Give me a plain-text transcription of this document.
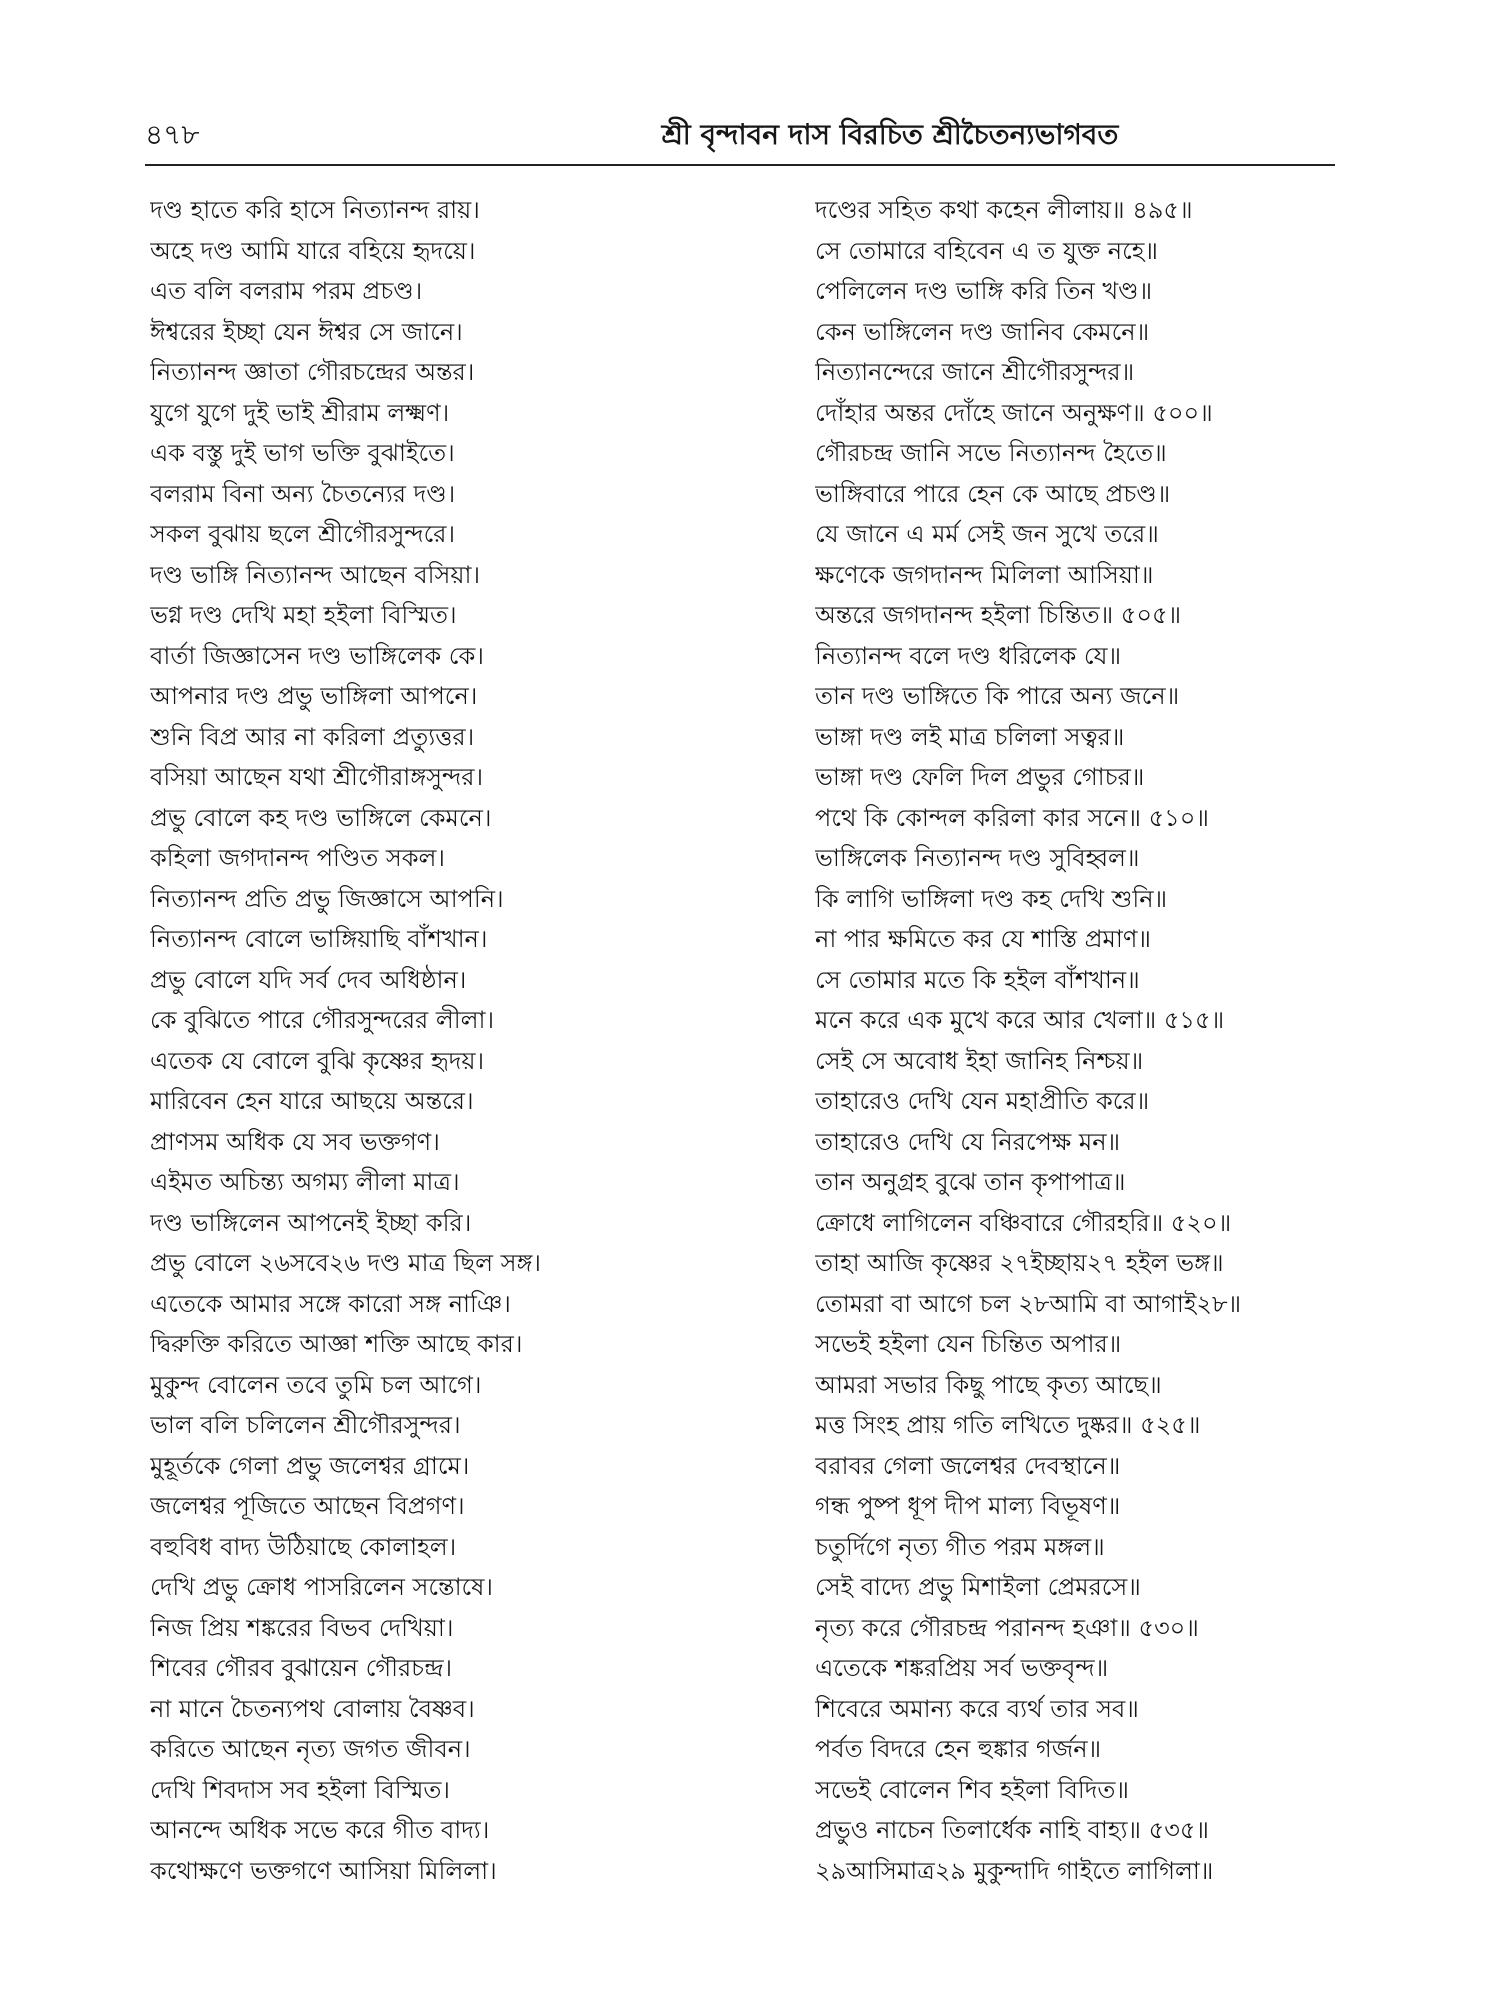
৪৭৮	শ্রী বৃন্দাবন দাস বিরচিত শ্রীচৈতন্যভাগবত
দণ্ড হাতে করি হাসে নিত্যানন্দ রায়।
অহে দণ্ড আমি যারে বহিয়ে হৃদয়ে।
এত বলি বলরাম পরম প্রচণ্ড।
ঈশ্বরের ইচ্ছা যেন ঈশ্বর সে জানে।
নিত্যানন্দ জ্ঞাতা গৌরচন্দ্রের অন্তর।
যুগে যুগে দুই ভাই শ্রীরাম লক্ষ্মণ।
এক বস্তু দুই ভাগ ভক্তি বুঝাইতে।
বলরাম বিনা অন্য চৈতন্যের দণ্ড।
সকল বুঝায় ছলে শ্রীগৌরসুন্দরে।
দণ্ড ভাঙ্গি নিত্যানন্দ আছেন বসিয়া।
ভগ্ন দণ্ড দেখি মহা হইলা বিস্মিত।
বার্তা জিজ্ঞাসেন দণ্ড ভাঙ্গিলেক কে।
আপনার দণ্ড প্রভু ভাঙ্গিলা আপনে।
শুনি বিপ্র আর না করিলা প্রত্যুত্তর।
বসিয়া আছেন যথা শ্রীগৌরাঙ্গসুন্দর।
প্রভু বোলে কহ দণ্ড ভাঙ্গিলে কেমনে।
কহিলা জগদানন্দ পণ্ডিত সকল।
নিত্যানন্দ প্রতি প্রভু জিজ্ঞাসে আপনি।
নিত্যানন্দ বোলে ভাঙ্গিয়াছি বাঁশখান।
প্রভু বোলে যদি সর্ব দেব অধিষ্ঠান।
কে বুঝিতে পারে গৌরসুন্দরের লীলা।
এতেক যে বোলে বুঝি কৃষ্ণের হৃদয়।
মারিবেন হেন যারে আছয়ে অন্তরে।
প্রাণসম অধিক যে সব ভক্তগণ।
এইমত অচিন্ত্য অগম্য লীলা মাত্র।
দণ্ড ভাঙ্গিলেন আপনেই ইচ্ছা করি।
প্রভু বোলে ২৬সবে২৬ দণ্ড মাত্র ছিল সঙ্গ।
এতেকে আমার সঙ্গে কারো সঙ্গ নাঞি।
দ্বিরুক্তি করিতে আজ্ঞা শক্তি আছে কার।
মুকুন্দ বোলেন তবে তুমি চল আগে।
ভাল বলি চলিলেন শ্রীগৌরসুন্দর।
মুহূর্তকে গেলা প্রভু জলেশ্বর গ্রামে।
জলেশ্বর পূজিতে আছেন বিপ্রগণ।
বহুবিধ বাদ্য উঠিয়াছে কোলাহল।
দেখি প্রভু ক্রোধ পাসরিলেন সন্তোষে।
নিজ প্রিয় শঙ্করের বিভব দেখিয়া।
শিবের গৌরব বুঝায়েন গৌরচন্দ্র।
না মানে চৈতন্যপথ বোলায় বৈষ্ণব।
করিতে আছেন নৃত্য জগত জীবন।
দেখি শিবদাস সব হইলা বিস্মিত।
আনন্দে অধিক সভে করে গীত বাদ্য।
কথোক্ষণে ভক্তগণে আসিয়া মিলিলা।
দণ্ডের সহিত কথা কহেন লীলায়॥ ৪৯৫॥
সে তোমারে বহিবেন এ ত যুক্ত নহে॥
পেলিলেন দণ্ড ভাঙ্গি করি তিন খণ্ড॥
কেন ভাঙ্গিলেন দণ্ড জানিব কেমনে॥
নিত্যানন্দেরে জানে শ্রীগৌরসুন্দর॥
দোঁহার অন্তর দোঁহে জানে অনুক্ষণ॥ ৫০০॥
গৌরচন্দ্র জানি সভে নিত্যানন্দ হৈতে॥
ভাঙ্গিবারে পারে হেন কে আছে প্রচণ্ড॥
যে জানে এ মর্ম সেই জন সুখে তরে॥
ক্ষণেকে জগদানন্দ মিলিলা আসিয়া॥
অন্তরে জগদানন্দ হইলা চিন্তিত॥ ৫০৫॥
নিত্যানন্দ বলে দণ্ড ধরিলেক যে॥
তান দণ্ড ভাঙ্গিতে কি পারে অন্য জনে॥
ভাঙ্গা দণ্ড লই মাত্র চলিলা সত্বর॥
ভাঙ্গা দণ্ড ফেলি দিল প্রভুর গোচর॥
পথে কি কোন্দল করিলা কার সনে॥ ৫১০॥
ভাঙ্গিলেক নিত্যানন্দ দণ্ড সুবিহ্বল॥
কি লাগি ভাঙ্গিলা দণ্ড কহ দেখি শুনি॥
না পার ক্ষমিতে কর যে শাস্তি প্রমাণ॥
সে তোমার মতে কি হইল বাঁশখান॥
মনে করে এক মুখে করে আর খেলা॥ ৫১৫॥
সেই সে অবোধ ইহা জানিহ নিশ্চয়॥
তাহারেও দেখি যেন মহাপ্রীতি করে॥
তাহারেও দেখি যে নিরপেক্ষ মন॥
তান অনুগ্রহ বুঝে তান কৃপাপাত্র॥
ক্রোধে লাগিলেন বঞ্চিবারে গৌরহরি॥ ৫২০॥
তাহা আজি কৃষ্ণের ২৭ইচ্ছায়২৭ হইল ভঙ্গ॥
তোমরা বা আগে চল ২৮আমি বা আগাই২৮॥
সভেই হইলা যেন চিন্তিত অপার॥
আমরা সভার কিছু পাছে কৃত্য আছে॥
মত্ত সিংহ প্রায় গতি লখিতে দুষ্কর॥ ৫২৫॥
বরাবর গেলা জলেশ্বর দেবস্থানে॥
গন্ধ পুষ্প ধূপ দীপ মাল্য বিভূষণ॥
চতুর্দিগে নৃত্য গীত পরম মঙ্গল॥
সেই বাদ্যে প্রভু মিশাইলা প্রেমরসে॥
নৃত্য করে গৌরচন্দ্র পরানন্দ হঞা॥ ৫৩০॥
এতেকে শঙ্করপ্রিয় সর্ব ভক্তবৃন্দ॥
শিবেরে অমান্য করে ব্যর্থ তার সব॥
পর্বত বিদরে হেন হুঙ্কার গর্জন॥
সভেই বোলেন শিব হইলা বিদিত॥
প্রভুও নাচেন তিলার্ধেক নাহি বাহ্য॥ ৫৩৫॥
২৯আসিমাত্র২৯ মুকুন্দাদি গাইতে লাগিলা॥
